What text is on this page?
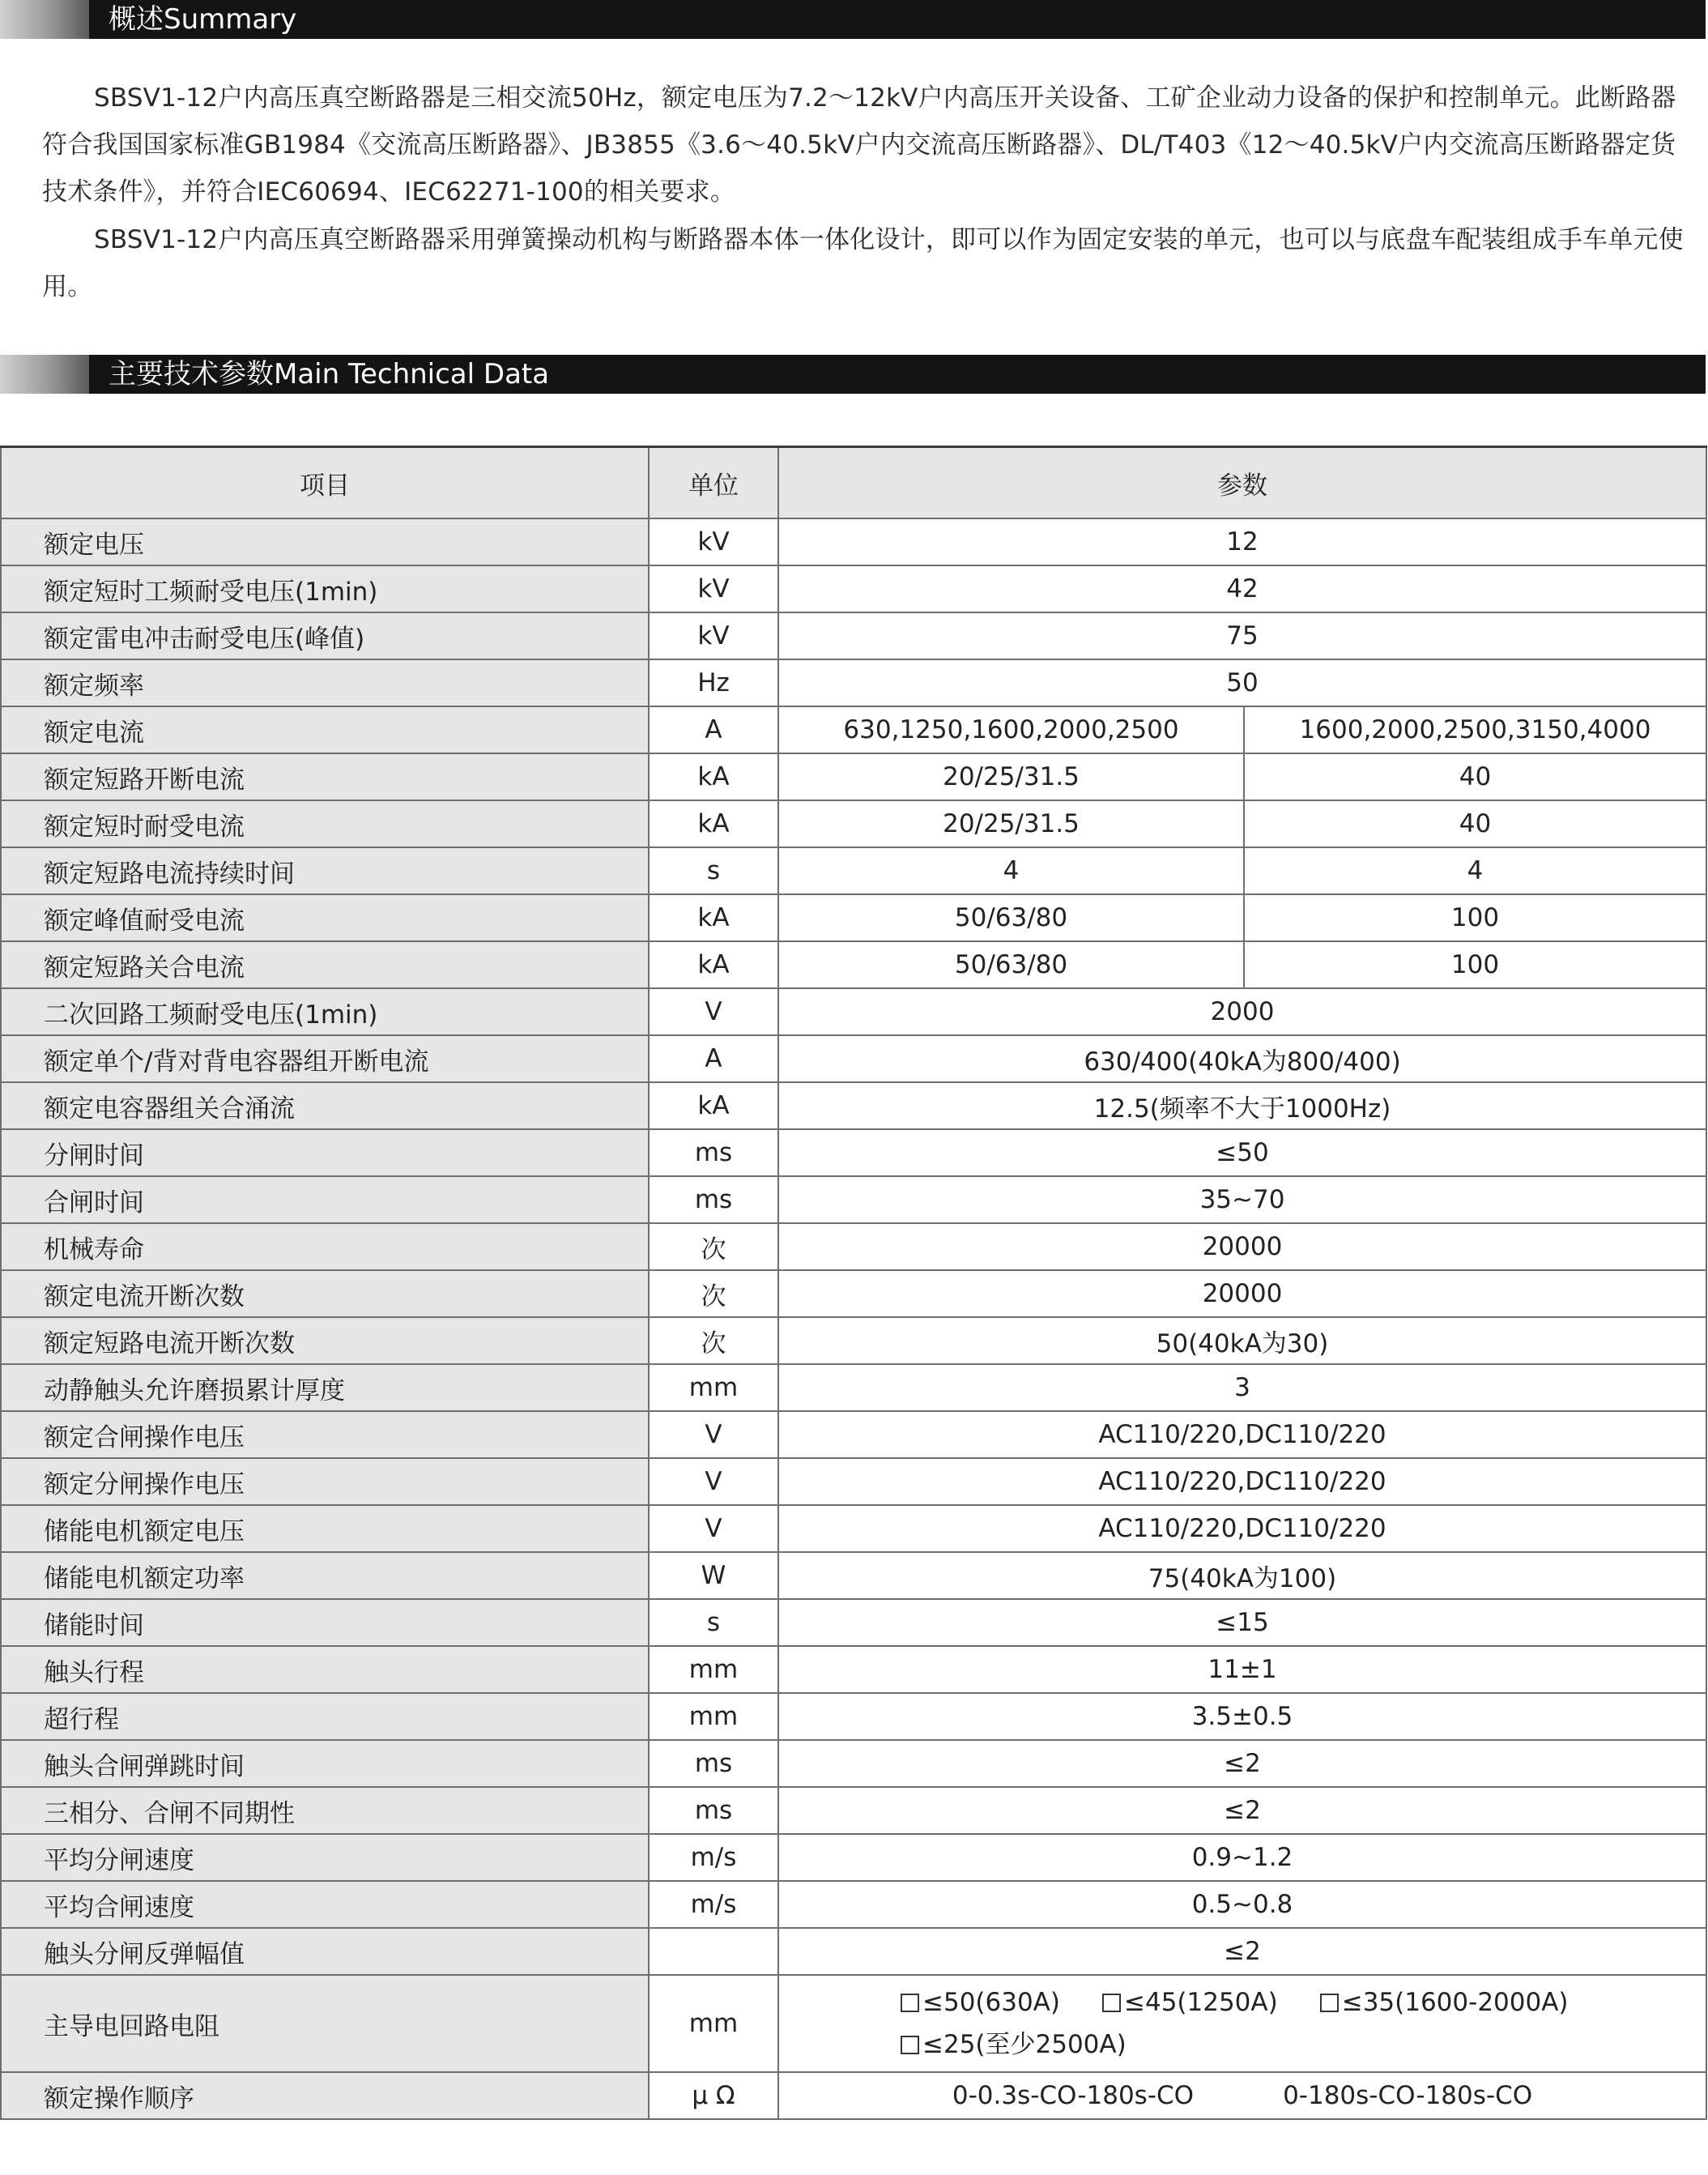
概述Summary

SBSV1-12户内高压真空断路器是三相交流50Hz，额定电压为7.2～12kV户内高压开关设备、工矿企业动力设备的保护和控制单元。此断路器符合我国国家标准GB1984《交流高压断路器》、JB3855《3.6～40.5kV户内交流高压断路器》、DL/T403《12～40.5kV户内交流高压断路器定货技术条件》，并符合IEC60694、IEC62271-100的相关要求。

SBSV1-12户内高压真空断路器采用弹簧操动机构与断路器本体一体化设计，即可以作为固定安装的单元，也可以与底盘车配装组成手车单元使用。

主要技术参数Main Technical Data
项目	单位	参数	
额定电压	kV	12	
额定短时工频耐受电压(1min)	kV	42	
额定雷电冲击耐受电压(峰值)	kV	75	
额定频率	Hz	50	
额定电流	A	630,1250,1600,2000,2500	1600,2000,2500,3150,4000
额定短路开断电流	kA	20/25/31.5	40
额定短时耐受电流	kA	20/25/31.5	40
额定短路电流持续时间	s	4	4
额定峰值耐受电流	kA	50/63/80	100
额定短路关合电流	kA	50/63/80	100
二次回路工频耐受电压(1min)	V	2000	
额定单个/背对背电容器组开断电流	A	630/400(40kA为800/400)	
额定电容器组关合涌流	kA	12.5(频率不大于1000Hz)	
分闸时间	ms	≤50	
合闸时间	ms	35~70	
机械寿命	次	20000	
额定电流开断次数	次	20000	
额定短路电流开断次数	次	50(40kA为30)	
动静触头允许磨损累计厚度	mm	3	
额定合闸操作电压	V	AC110/220,DC110/220	
额定分闸操作电压	V	AC110/220,DC110/220	
储能电机额定电压	V	AC110/220,DC110/220	
储能电机额定功率	W	75(40kA为100)	
储能时间	s	≤15	
触头行程	mm	11±1	
超行程	mm	3.5±0.5	
触头合闸弹跳时间	ms	≤2	
三相分、合闸不同期性	ms	≤2	
平均分闸速度	m/s	0.9~1.2	
平均合闸速度	m/s	0.5~0.8	
触头分闸反弹幅值		≤2	
主导电回路电阻	mm	≤50(630A) ≤45(1250A) ≤35(1600-2000A)
≤25(至少2500A)	
额定操作顺序	μ Ω	0-0.3s-CO-180s-CO 0-180s-CO-180s-CO	
